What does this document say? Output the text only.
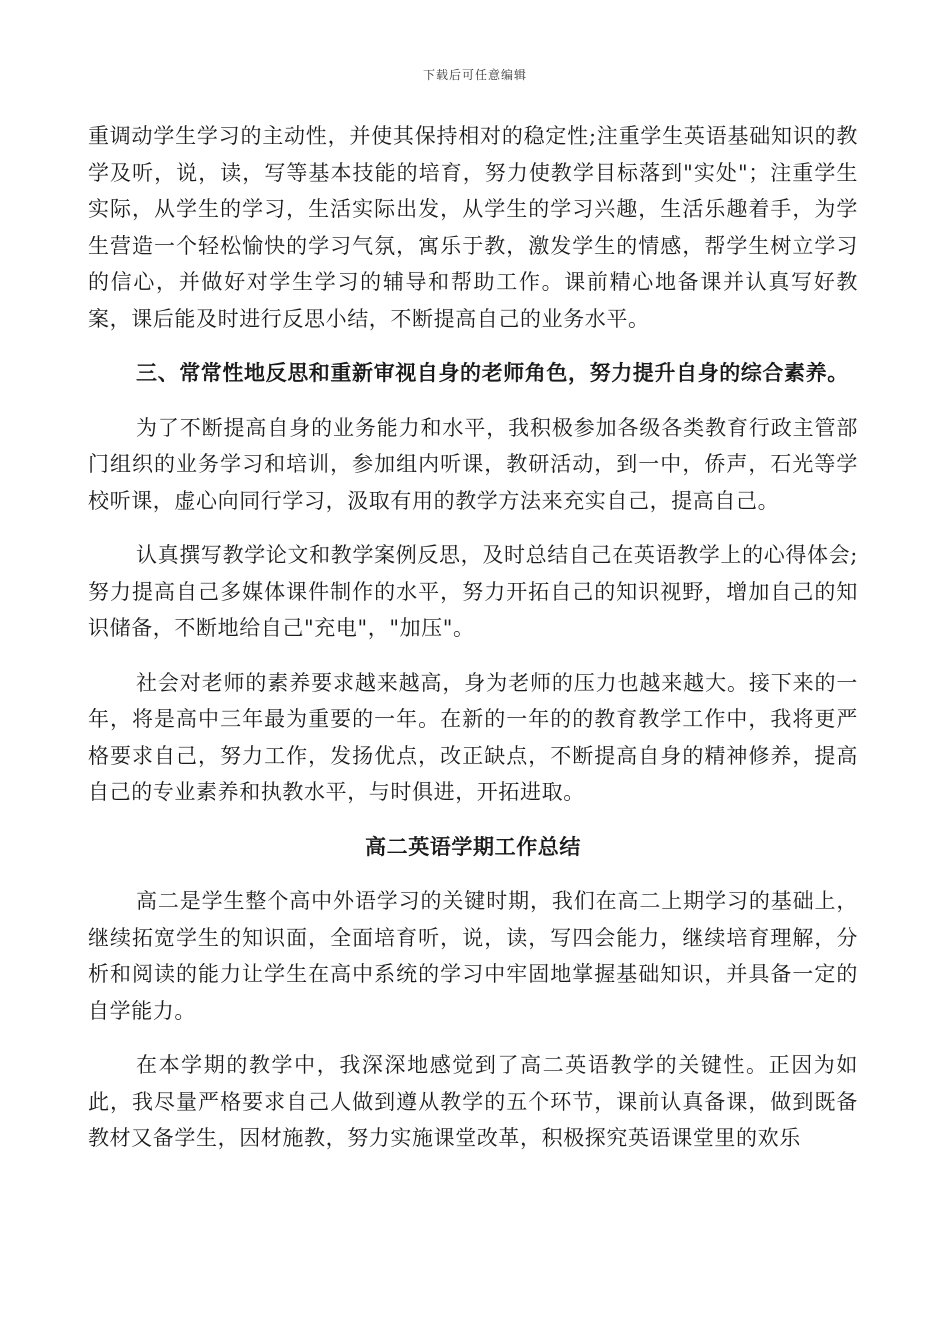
下载后可任意编辑

重调动学生学习的主动性，并使其保持相对的稳定性;注重学生英语基础知识的教学及听，说，读，写等基本技能的培育，努力使教学目标落到"实处"；注重学生实际，从学生的学习，生活实际出发，从学生的学习兴趣，生活乐趣着手，为学生营造一个轻松愉快的学习气氛，寓乐于教，激发学生的情感，帮学生树立学习的信心，并做好对学生学习的辅导和帮助工作。课前精心地备课并认真写好教案，课后能及时进行反思小结，不断提高自己的业务水平。

三、常常性地反思和重新审视自身的老师角色，努力提升自身的综合素养。

为了不断提高自身的业务能力和水平，我积极参加各级各类教育行政主管部门组织的业务学习和培训，参加组内听课，教研活动，到一中，侨声，石光等学校听课，虚心向同行学习，汲取有用的教学方法来充实自己，提高自己。

认真撰写教学论文和教学案例反思，及时总结自己在英语教学上的心得体会;努力提高自己多媒体课件制作的水平，努力开拓自己的知识视野，增加自己的知识储备，不断地给自己"充电"，"加压"。

社会对老师的素养要求越来越高，身为老师的压力也越来越大。接下来的一年，将是高中三年最为重要的一年。在新的一年的的教育教学工作中，我将更严格要求自己，努力工作，发扬优点，改正缺点，不断提高自身的精神修养，提高自己的专业素养和执教水平，与时俱进，开拓进取。

高二英语学期工作总结

高二是学生整个高中外语学习的关键时期，我们在高二上期学习的基础上，继续拓宽学生的知识面，全面培育听，说，读，写四会能力，继续培育理解，分析和阅读的能力让学生在高中系统的学习中牢固地掌握基础知识，并具备一定的自学能力。

在本学期的教学中，我深深地感觉到了高二英语教学的关键性。正因为如此，我尽量严格要求自己人做到遵从教学的五个环节，课前认真备课，做到既备教材又备学生，因材施教，努力实施课堂改革，积极探究英语课堂里的欢乐
